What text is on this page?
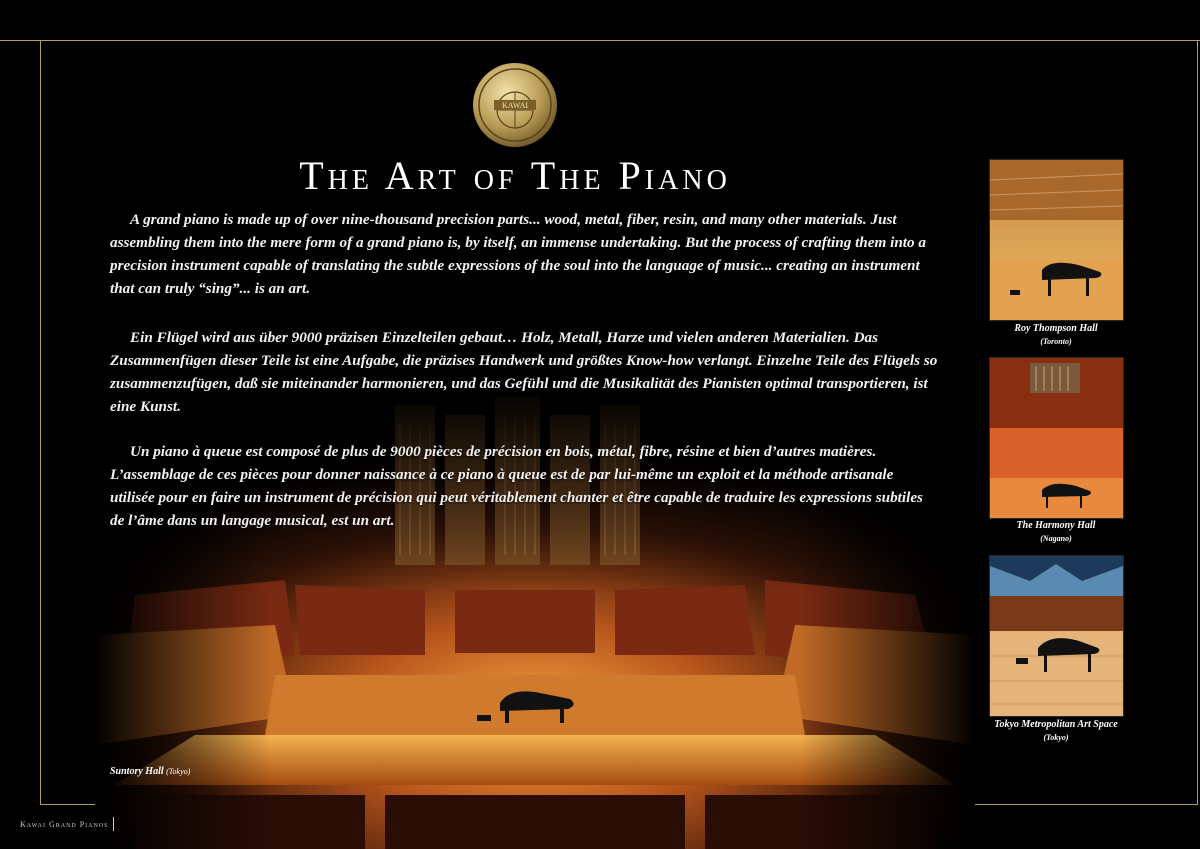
KAWAI
The Art of The Piano

A grand piano is made up of over nine-thousand precision parts... wood, metal, fiber, resin, and many other materials. Just assembling them into the mere form of a grand piano is, by itself, an immense undertaking. But the process of crafting them into a precision instrument capable of translating the subtle expressions of the soul into the language of music... creating an instrument that can truly “sing”... is an art.

Ein Flügel wird aus über 9000 präzisen Einzelteilen gebaut… Holz, Metall, Harze und vielen anderen Materialien. Das Zusammenfügen dieser Teile ist eine Aufgabe, die präzises Handwerk und größtes Know-how verlangt. Einzelne Teile des Flügels so zusammenzufügen, daß sie miteinander harmonieren, und das Gefühl und die Musikalität des Pianisten optimal transportieren, ist eine Kunst.

Un piano à queue est composé de plus de 9000 pièces de précision en bois, métal, fibre, résine et bien d’autres matières. L’assemblage de ces pièces pour donner naissance à ce piano à queue est de par lui-même un exploit et la méthode artisanale utilisée pour en faire un instrument de précision qui peut véritablement chanter et être capable de traduire les expressions subtiles de l’âme dans un langage musical, est un art.

Suntory Hall (Tokyo)
Roy Thompson Hall
(Toronto)
The Harmony Hall
(Nagano)
Tokyo Metropolitan Art Space
(Tokyo)
Kawai Grand Pianos
